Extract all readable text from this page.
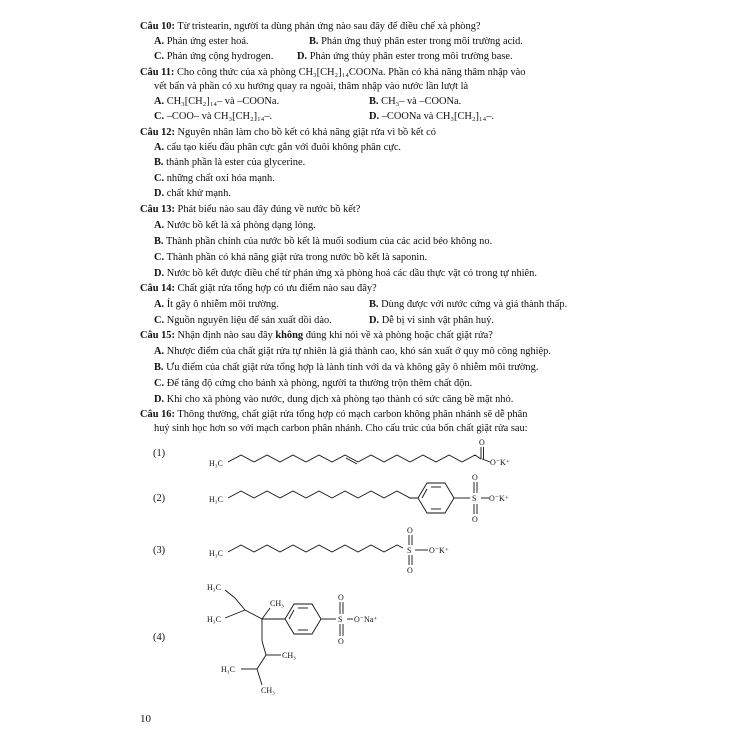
Câu 10: Từ tristearin, người ta dùng phản ứng nào sau đây để điều chế xà phòng?
A. Phản ứng ester hoá.	B. Phản ứng thuỷ phân ester trong môi trường acid.
C. Phản ứng cộng hydrogen. D. Phản ứng thủy phân ester trong môi trường base.
Câu 11: Cho công thức của xà phòng CH₃[CH₂]₁₄COONa. Phần có khả năng thâm nhập vào
vết bẩn và phần có xu hướng quay ra ngoài, thâm nhập vào nước lần lượt là
A. CH₃[CH₂]₁₄– và –COONa.	B. CH₃– và –COONa.
C. –COO– và CH₃[CH₂]₁₄–.	D. –COONa và CH₃[CH₂]₁₄–.
Câu 12: Nguyên nhân làm cho bồ kết có khả năng giặt rửa vì bồ kết có
A. cấu tạo kiểu đầu phân cực gắn với đuôi không phân cực.
B. thành phần là ester của glycerine.
C. những chất oxi hóa mạnh.
D. chất khử mạnh.
Câu 13: Phát biểu nào sau đây đúng về nước bồ kết?
A. Nước bồ kết là xà phòng dạng lỏng.
B. Thành phần chính của nước bồ kết là muối sodium của các acid béo không no.
C. Thành phần có khả năng giặt rửa trong nước bồ kết là saponin.
D. Nước bồ kết được điều chế từ phản ứng xà phòng hoá các dầu thực vật có trong tự nhiên.
Câu 14: Chất giặt rửa tổng hợp có ưu điểm nào sau đây?
A. Ít gây ô nhiễm môi trường.	B. Dùng được với nước cứng và giá thành thấp.
C. Nguồn nguyên liệu để sản xuất dồi dào.	D. Dễ bị vi sinh vật phân huỷ.
Câu 15: Nhận định nào sau đây không đúng khi nói về xà phòng hoặc chất giặt rửa?
A. Nhược điểm của chất giặt rửa tự nhiên là giá thành cao, khó sản xuất ở quy mô công nghiệp.
B. Ưu điểm của chất giặt rửa tổng hợp là lành tính với da và không gây ô nhiễm môi trường.
C. Để tăng độ cứng cho bánh xà phòng, người ta thường trộn thêm chất độn.
D. Khi cho xà phòng vào nước, dung dịch xà phòng tạo thành có sức căng bề mặt nhỏ.
Câu 16: Thông thường, chất giặt rửa tổng hợp có mạch carbon không phân nhánh sẽ dễ phân
huỷ sinh học hơn so với mạch carbon phân nhánh. Cho cấu trúc của bốn chất giặt rửa sau:
(1)
(2)
(3)
(4)
H₃C
O
O⁻K⁺
H₃C
O
S
O
O⁻K⁺
H₃C
O
S
O
O⁻K⁺
H₃C
H₃C
CH₃
CH₃
H₃C
CH₃
O
S
O
O⁻Na⁺
10
